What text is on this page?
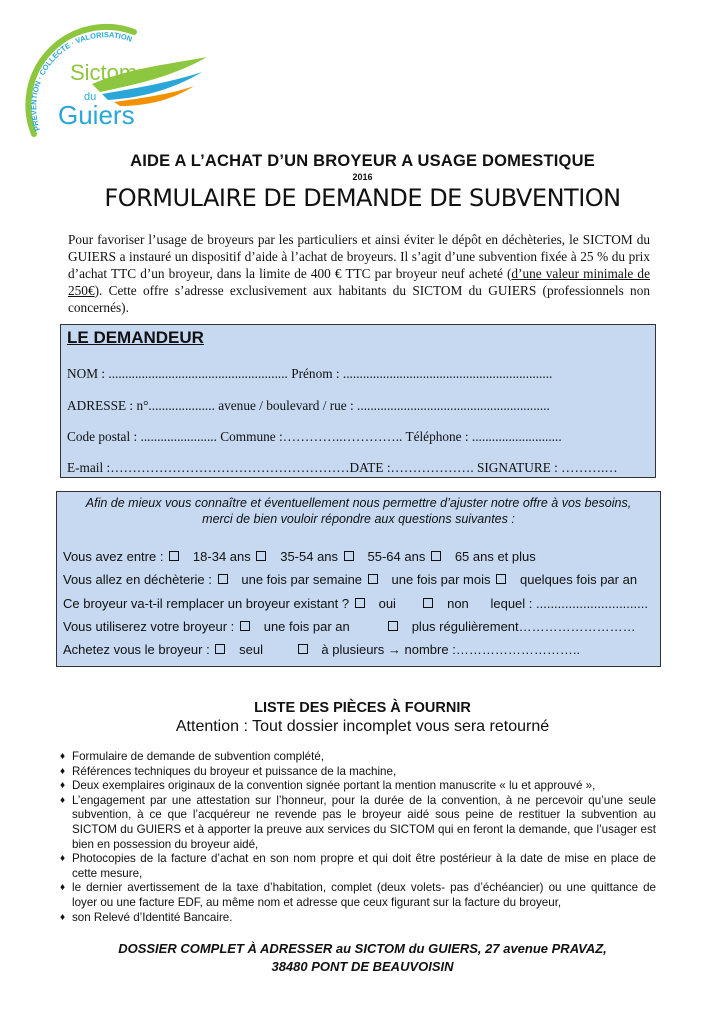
PRÉVENTION · COLLECTE · VALORISATION
Sictom
du
Guiers
AIDE A L’ACHAT D’UN BROYEUR A USAGE DOMESTIQUE
2016
FORMULAIRE DE DEMANDE DE SUBVENTION
Pour favoriser l’usage de broyeurs par les particuliers et ainsi éviter le dépôt en déchèteries, le SICTOM du GUIERS a instauré un dispositif d’aide à l’achat de broyeurs. Il s’agit d’une subvention fixée à 25 % du prix d’achat TTC d’un broyeur, dans la limite de 400 € TTC par broyeur neuf acheté (d’une valeur minimale de 250€). Cette offre s’adresse exclusivement aux habitants du SICTOM du GUIERS (professionnels non concernés).
LE DEMANDEUR
NOM : ...................................................... Prénom : ...............................................................
ADRESSE : n°.................... avenue / boulevard / rue : ..........................................................
Code postal : ....................... Commune :…………..………….. Téléphone : ...........................
E-mail :………………………………………………DATE :………………. SIGNATURE : ……….…
Afin de mieux vous connaître et éventuellement nous permettre d’ajuster notre offre à vos besoins,
merci de bien vouloir répondre aux questions suivantes :
Vous avez entre : 18-34 ans 35-54 ans 55-64 ans 65 ans et plus
Vous allez en déchèterie : une fois par semaine une fois par mois quelques fois par an
Ce broyeur va-t-il remplacer un broyeur existant ? oui	non lequel : ...............................
Vous utiliserez votre broyeur : une fois par an	plus régulièrement………………………
Achetez vous le broyeur : seul	à plusieurs → nombre :………………………..
LISTE DES PIÈCES À FOURNIR
Attention : Tout dossier incomplet vous sera retourné
♦ Formulaire de demande de subvention complété,
♦ Références techniques du broyeur et puissance de la machine,
♦ Deux exemplaires originaux de la convention signée portant la mention manuscrite « lu et approuvé »,
♦ L’engagement par une attestation sur l’honneur, pour la durée de la convention, à ne percevoir qu’une seule subvention, à ce que l’acquéreur ne revende pas le broyeur aidé sous peine de restituer la subvention au SICTOM du GUIERS et à apporter la preuve aux services du SICTOM qui en feront la demande, que l’usager est bien en possession du broyeur aidé,
♦ Photocopies de la facture d’achat en son nom propre et qui doit être postérieur à la date de mise en place de cette mesure,
♦ le dernier avertissement de la taxe d’habitation, complet (deux volets- pas d’échéancier) ou une quittance de loyer ou une facture EDF, au même nom et adresse que ceux figurant sur la facture du broyeur,
♦ son Relevé d’Identité Bancaire.
DOSSIER COMPLET À ADRESSER au SICTOM du GUIERS, 27 avenue PRAVAZ,
38480 PONT DE BEAUVOISIN
